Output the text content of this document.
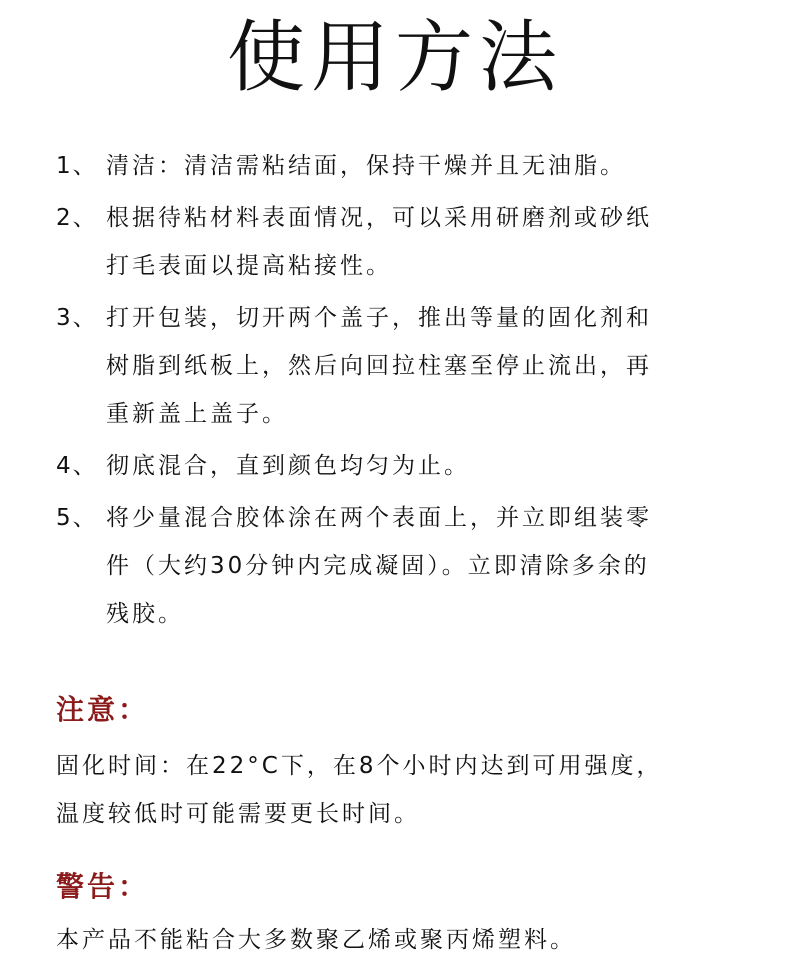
使用方法
1、 清洁：清洁需粘结面，保持干燥并且无油脂。
2、 根据待粘材料表面情况，可以采用研磨剂或砂纸
打毛表面以提高粘接性。
3、 打开包装，切开两个盖子，推出等量的固化剂和
树脂到纸板上，然后向回拉柱塞至停止流出，再
重新盖上盖子。
4、 彻底混合，直到颜色均匀为止。
5、 将少量混合胶体涂在两个表面上，并立即组装零
件（大约30分钟内完成凝固）。立即清除多余的
残胶。
注意：
固化时间：在22°C下，在8个小时内达到可用强度，
温度较低时可能需要更长时间。
警告：
本产品不能粘合大多数聚乙烯或聚丙烯塑料。
